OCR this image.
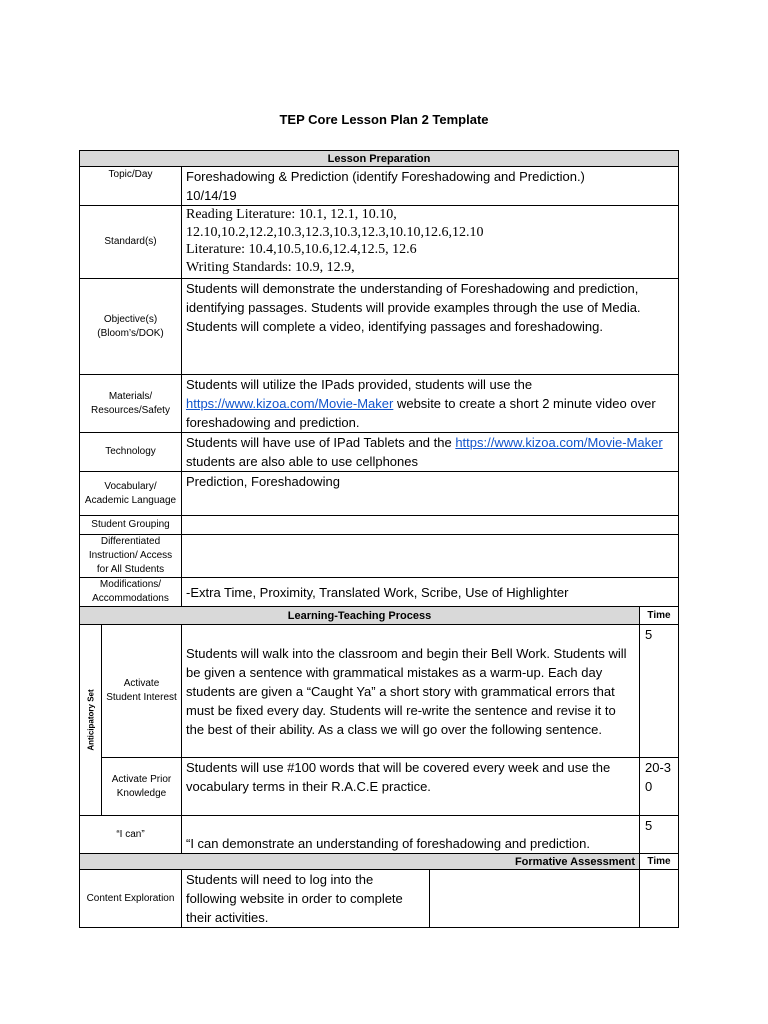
TEP Core Lesson Plan 2 Template
Lesson Preparation				
Topic/Day		Foreshadowing & Prediction (identify Foreshadowing and Prediction.)
10/14/19		

Standard(s)		Reading Literature: 10.1, 12.1, 10.10,
12.10,10.2,12.2,10.3,12.3,10.3,12.3,10.10,12.6,12.10
Literature: 10.4,10.5,10.6,12.4,12.5, 12.6
Writing Standards: 10.9, 12.9,		

Objective(s)
(Bloom’s/DOK)		Students will demonstrate the understanding of Foreshadowing and prediction, identifying passages. Students will provide examples through the use of Media. Students will complete a video, identifying passages and foreshadowing.		
Materials/ Resources/Safety		Students will utilize the IPads provided, students will use the https://www.kizoa.com/Movie-Maker website to create a short 2 minute video over foreshadowing and prediction.		
Technology		Students will have use of IPad Tablets and the https://www.kizoa.com/Movie-Maker students are also able to use cellphones		
Vocabulary/ Academic Language		Prediction, Foreshadowing		
Student Grouping				
Differentiated Instruction/ Access for All Students				
Modifications/ Accommodations		-Extra Time, Proximity, Translated Work, Scribe, Use of Highlighter		
Learning-Teaching Process				Time

Anticipatory Set	Activate Student Interest	Students will walk into the classroom and begin their Bell Work. Students will be given a sentence with grammatical mistakes as a warm-up. Each day students are given a “Caught Ya” a short story with grammatical errors that must be fixed every day. Students will re-write the sentence and revise it to the best of their ability. As a class we will go over the following sentence.		5
	Activate Prior Knowledge	Students will use #100 words that will be covered every week and use the vocabulary terms in their R.A.C.E practice.		20-30
“I can”		“I can demonstrate an understanding of foreshadowing and prediction.		5
Formative Assessment				Time
Content Exploration		Students will need to log into the following website in order to complete their activities.		
